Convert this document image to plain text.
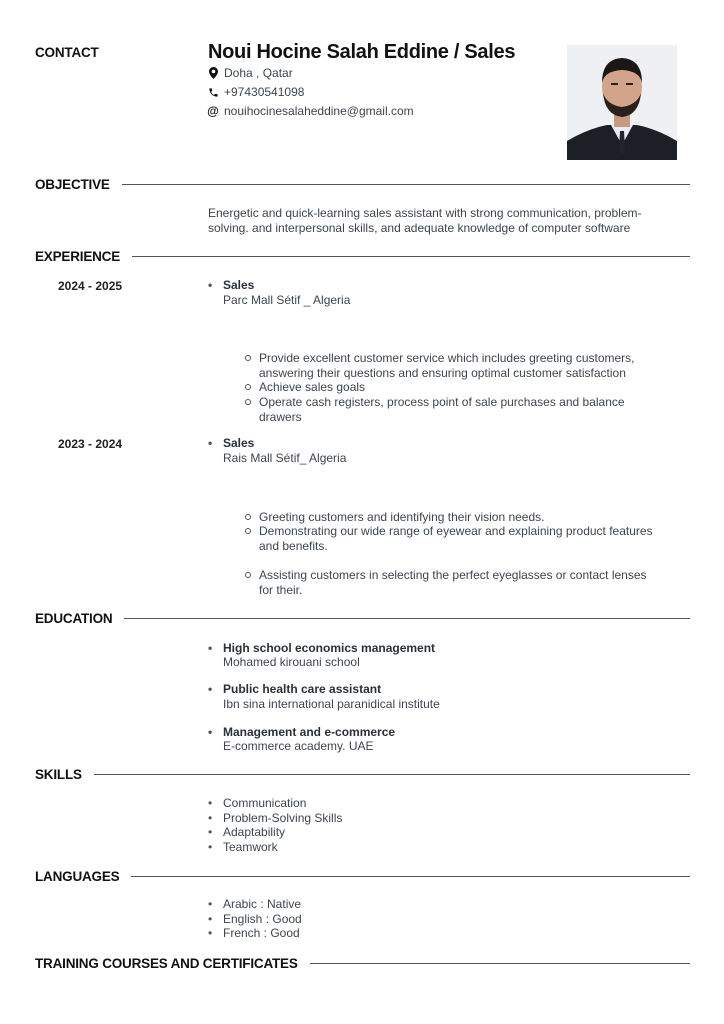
CONTACT	Noui Hocine Salah Eddine / Sales
Doha , Qatar
+97430541098
@ nouihocinesalaheddine@gmail.com
OBJECTIVE
Energetic and quick-learning sales assistant with strong communication, problem-
solving. and interpersonal skills, and adequate knowledge of computer software
EXPERIENCE
2024 - 2025	• Sales
Parc Mall Sétif _ Algeria
Provide excellent customer service which includes greeting customers,
answering their questions and ensuring optimal customer satisfaction
Achieve sales goals
Operate cash registers, process point of sale purchases and balance
drawers
2023 - 2024	• Sales
Rais Mall Sétif_ Algeria
Greeting customers and identifying their vision needs.
Demonstrating our wide range of eyewear and explaining product features
and benefits.
Assisting customers in selecting the perfect eyeglasses or contact lenses
for their.
EDUCATION
• High school economics management
Mohamed kirouani school
• Public health care assistant
Ibn sina international paranidical institute
• Management and e-commerce
E-commerce academy. UAE
SKILLS
• Communication
• Problem-Solving Skills
• Adaptability
• Teamwork
LANGUAGES
• Arabic : Native
• English : Good
• French : Good
TRAINING COURSES AND CERTIFICATES
